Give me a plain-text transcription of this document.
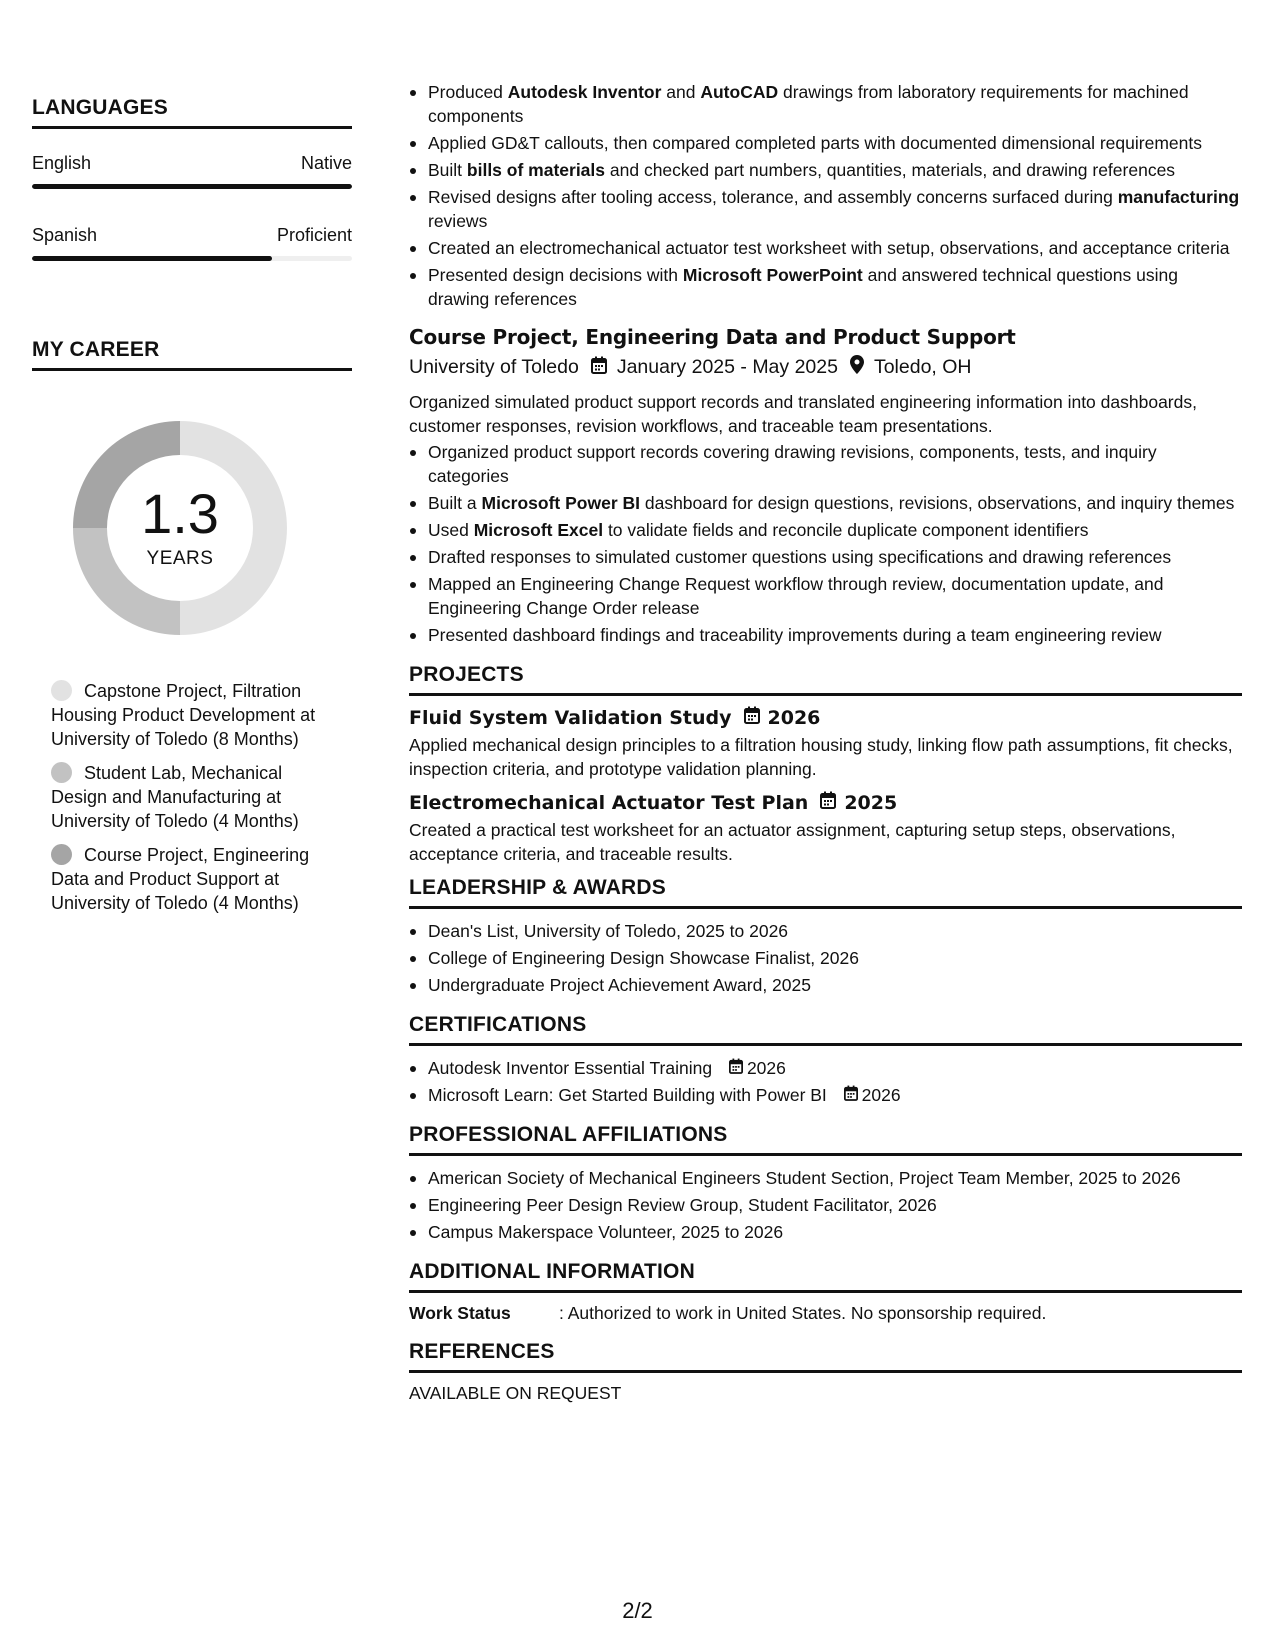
LANGUAGES
English	Native
Spanish	Proficient
MY CAREER
1.3
YEARS
Capstone Project, Filtration Housing Product Development at University of Toledo (8 Months)
Student Lab, Mechanical Design and Manufacturing at University of Toledo (4 Months)
Course Project, Engineering Data and Product Support at University of Toledo (4 Months)
Produced Autodesk Inventor and AutoCAD drawings from laboratory requirements for machined components
Applied GD&T callouts, then compared completed parts with documented dimensional requirements
Built bills of materials and checked part numbers, quantities, materials, and drawing references
Revised designs after tooling access, tolerance, and assembly concerns surfaced during manufacturing reviews
Created an electromechanical actuator test worksheet with setup, observations, and acceptance criteria
Presented design decisions with Microsoft PowerPoint and answered technical questions using drawing references
Course Project, Engineering Data and Product Support
University of Toledo January 2025 - May 2025 Toledo, OH
Organized simulated product support records and translated engineering information into dashboards, customer responses, revision workflows, and traceable team presentations.
Organized product support records covering drawing revisions, components, tests, and inquiry categories
Built a Microsoft Power BI dashboard for design questions, revisions, observations, and inquiry themes
Used Microsoft Excel to validate fields and reconcile duplicate component identifiers
Drafted responses to simulated customer questions using specifications and drawing references
Mapped an Engineering Change Request workflow through review, documentation update, and Engineering Change Order release
Presented dashboard findings and traceability improvements during a team engineering review
PROJECTS
Fluid System Validation Study 2026
Applied mechanical design principles to a filtration housing study, linking flow path assumptions, fit checks, inspection criteria, and prototype validation planning.
Electromechanical Actuator Test Plan 2025
Created a practical test worksheet for an actuator assignment, capturing setup steps, observations, acceptance criteria, and traceable results.
LEADERSHIP & AWARDS
Dean's List, University of Toledo, 2025 to 2026
College of Engineering Design Showcase Finalist, 2026
Undergraduate Project Achievement Award, 2025
CERTIFICATIONS
Autodesk Inventor Essential Training 2026
Microsoft Learn: Get Started Building with Power BI 2026
PROFESSIONAL AFFILIATIONS
American Society of Mechanical Engineers Student Section, Project Team Member, 2025 to 2026
Engineering Peer Design Review Group, Student Facilitator, 2026
Campus Makerspace Volunteer, 2025 to 2026
ADDITIONAL INFORMATION
Work Status	: Authorized to work in United States. No sponsorship required.
REFERENCES
AVAILABLE ON REQUEST
2/2
